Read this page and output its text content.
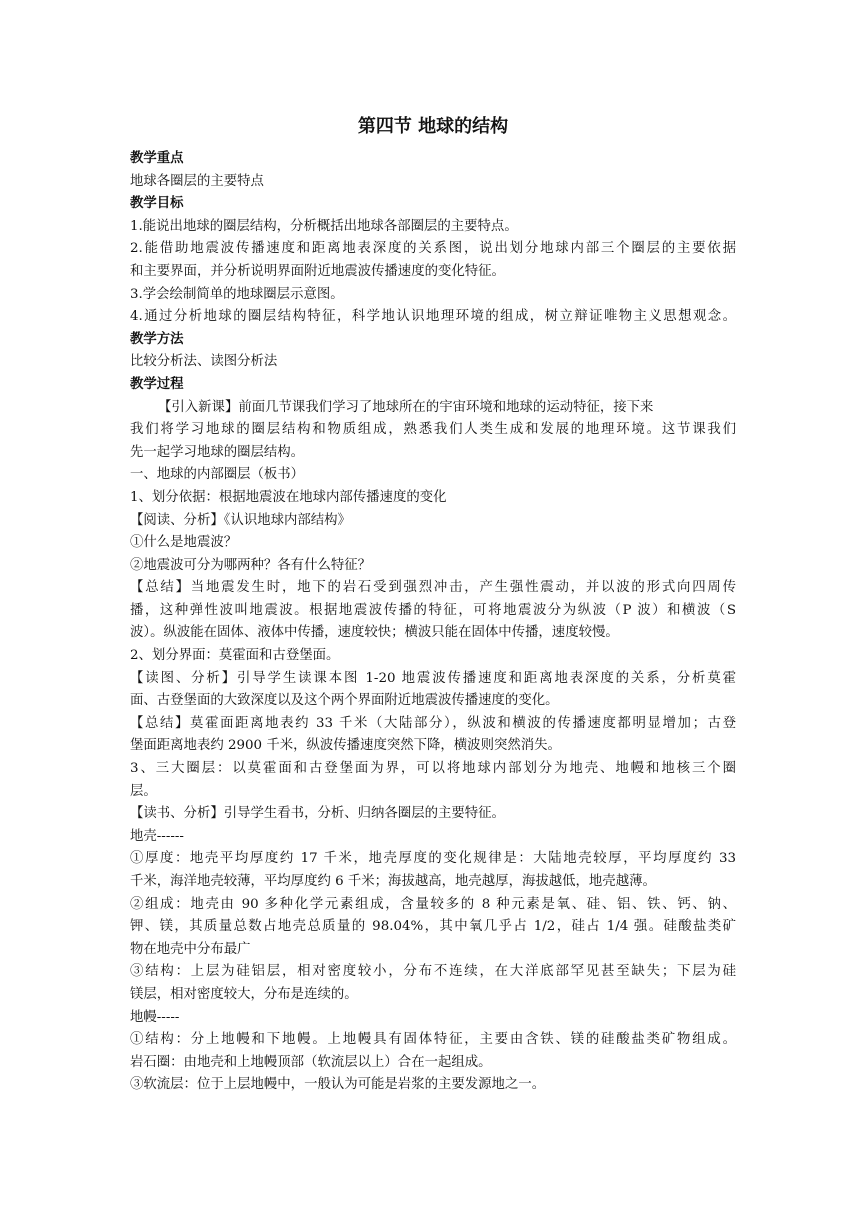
第四节 地球的结构
教学重点
地球各圈层的主要特点
教学目标
1.能说出地球的圈层结构，分析概括出地球各部圈层的主要特点。
2.能借助地震波传播速度和距离地表深度的关系图，说出划分地球内部三个圈层的主要依据
和主要界面，并分析说明界面附近地震波传播速度的变化特征。
3.学会绘制简单的地球圈层示意图。
4.通过分析地球的圈层结构特征，科学地认识地理环境的组成，树立辩证唯物主义思想观念。
教学方法
比较分析法、读图分析法
教学过程
【引入新课】前面几节课我们学习了地球所在的宇宙环境和地球的运动特征，接下来
我们将学习地球的圈层结构和物质组成，熟悉我们人类生成和发展的地理环境。这节课我们
先一起学习地球的圈层结构。
一、地球的内部圈层（板书）
1、划分依据：根据地震波在地球内部传播速度的变化
【阅读、分析】《认识地球内部结构》
①什么是地震波？
②地震波可分为哪两种？各有什么特征？
【总结】当地震发生时，地下的岩石受到强烈冲击，产生强性震动，并以波的形式向四周传
播，这种弹性波叫地震波。根据地震波传播的特征，可将地震波分为纵波（P 波）和横波（S
波）。纵波能在固体、液体中传播，速度较快；横波只能在固体中传播，速度较慢。
2、划分界面：莫霍面和古登堡面。
【读图、分析】引导学生读课本图 1-20 地震波传播速度和距离地表深度的关系，分析莫霍
面、古登堡面的大致深度以及这个两个界面附近地震波传播速度的变化。
【总结】莫霍面距离地表约 33 千米（大陆部分），纵波和横波的传播速度都明显增加；古登
堡面距离地表约 2900 千米，纵波传播速度突然下降，横波则突然消失。
3、三大圈层：以莫霍面和古登堡面为界，可以将地球内部划分为地壳、地幔和地核三个圈
层。
【读书、分析】引导学生看书，分析、归纳各圈层的主要特征。
地壳------
①厚度：地壳平均厚度约 17 千米，地壳厚度的变化规律是：大陆地壳较厚，平均厚度约 33
千米，海洋地壳较薄，平均厚度约 6 千米；海拔越高，地壳越厚，海拔越低，地壳越薄。
②组成：地壳由 90 多种化学元素组成，含量较多的 8 种元素是氧、硅、铝、铁、钙、钠、
钾、镁，其质量总数占地壳总质量的 98.04%，其中氧几乎占 1/2，硅占 1/4 强。硅酸盐类矿
物在地壳中分布最广
③结构：上层为硅铝层，相对密度较小，分布不连续，在大洋底部罕见甚至缺失；下层为硅
镁层，相对密度较大，分布是连续的。
地幔-----
①结构：分上地幔和下地幔。上地幔具有固体特征，主要由含铁、镁的硅酸盐类矿物组成。
岩石圈：由地壳和上地幔顶部（软流层以上）合在一起组成。
③软流层：位于上层地幔中，一般认为可能是岩浆的主要发源地之一。
